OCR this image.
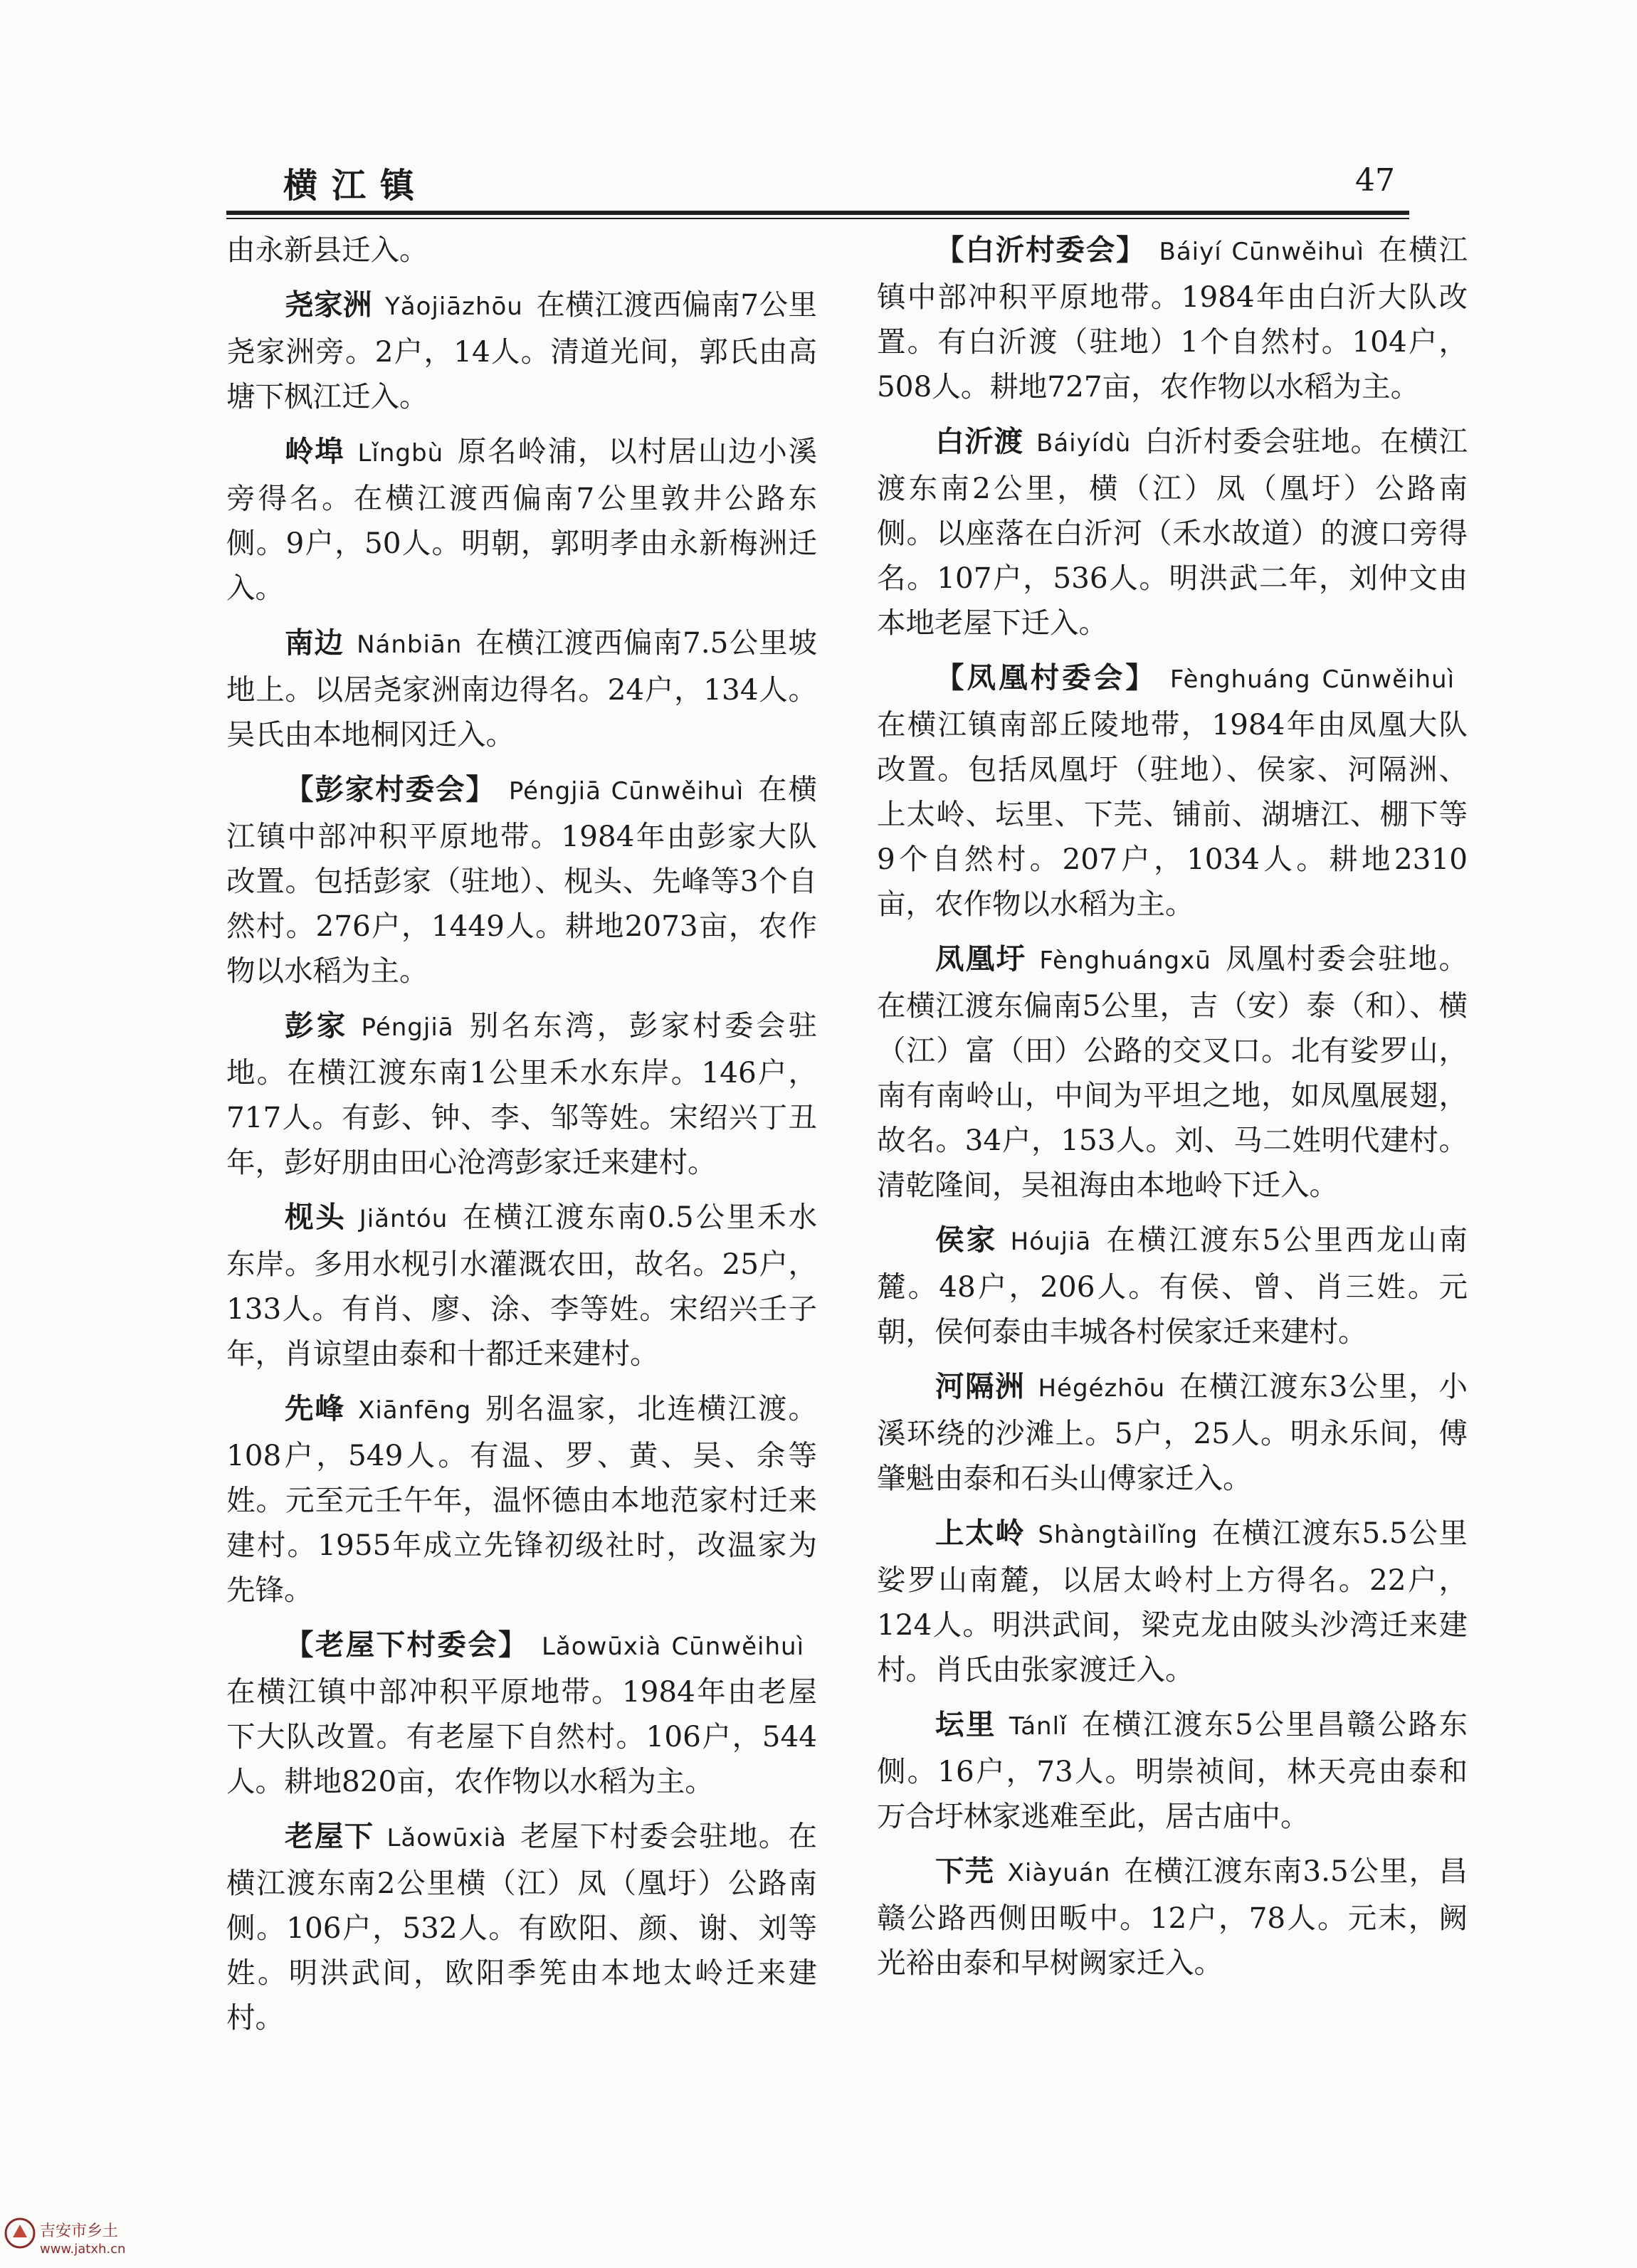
横江镇	47

由永新县迁入。

尧家洲 Yǎojiāzhōu 在横江渡西偏南7公里尧家洲旁。2户，14人。清道光间，郭氏由高塘下枫江迁入。

岭埠 Lǐngbù 原名岭浦，以村居山边小溪旁得名。在横江渡西偏南7公里敦井公路东侧。9户，50人。明朝，郭明孝由永新梅洲迁入。

南边 Nánbiān 在横江渡西偏南7.5公里坡地上。以居尧家洲南边得名。24户，134人。吴氏由本地桐冈迁入。

【彭家村委会】 Péngjiā Cūnwěihuì 在横江镇中部冲积平原地带。1984年由彭家大队改置。包括彭家（驻地）、枧头、先峰等3个自然村。276户，1449人。耕地2073亩，农作物以水稻为主。

彭家 Péngjiā 别名东湾，彭家村委会驻地。在横江渡东南1公里禾水东岸。146户，717人。有彭、钟、李、邹等姓。宋绍兴丁丑年，彭好朋由田心沧湾彭家迁来建村。

枧头 Jiǎntóu 在横江渡东南0.5公里禾水东岸。多用水枧引水灌溉农田，故名。25户，133人。有肖、廖、涂、李等姓。宋绍兴壬子年，肖谅望由泰和十都迁来建村。

先峰 Xiānfēng 别名温家，北连横江渡。108户，549人。有温、罗、黄、吴、余等姓。元至元壬午年，温怀德由本地范家村迁来建村。1955年成立先锋初级社时，改温家为先锋。

【老屋下村委会】 Lǎowūxià Cūnwěihuì在横江镇中部冲积平原地带。1984年由老屋下大队改置。有老屋下自然村。106户，544人。耕地820亩，农作物以水稻为主。

老屋下 Lǎowūxià 老屋下村委会驻地。在横江渡东南2公里横（江）凤（凰圩）公路南侧。106户，532人。有欧阳、颜、谢、刘等姓。明洪武间，欧阳季筅由本地太岭迁来建村。

【白沂村委会】 Báiyí Cūnwěihuì 在横江镇中部冲积平原地带。1984年由白沂大队改置。有白沂渡（驻地）1个自然村。104户，508人。耕地727亩，农作物以水稻为主。

白沂渡 Báiyídù 白沂村委会驻地。在横江渡东南2公里，横（江）凤（凰圩）公路南侧。以座落在白沂河（禾水故道）的渡口旁得名。107户，536人。明洪武二年，刘仲文由本地老屋下迁入。

【凤凰村委会】 Fènghuáng Cūnwěihuì在横江镇南部丘陵地带，1984年由凤凰大队改置。包括凤凰圩（驻地）、侯家、河隔洲、上太岭、坛里、下芫、铺前、湖塘江、棚下等9个自然村。207户，1034人。耕地2310亩，农作物以水稻为主。

凤凰圩 Fènghuángxū 凤凰村委会驻地。在横江渡东偏南5公里，吉（安）泰（和）、横（江）富（田）公路的交叉口。北有娑罗山，南有南岭山，中间为平坦之地，如凤凰展翅，故名。34户，153人。刘、马二姓明代建村。清乾隆间，吴祖海由本地岭下迁入。

侯家 Hóujiā 在横江渡东5公里西龙山南麓。48户，206人。有侯、曾、肖三姓。元朝，侯何泰由丰城各村侯家迁来建村。

河隔洲 Hégézhōu 在横江渡东3公里，小溪环绕的沙滩上。5户，25人。明永乐间，傅肇魁由泰和石头山傅家迁入。

上太岭 Shàngtàilǐng 在横江渡东5.5公里娑罗山南麓，以居太岭村上方得名。22户，124人。明洪武间，梁克龙由陂头沙湾迁来建村。肖氏由张家渡迁入。

坛里 Tánlǐ 在横江渡东5公里昌赣公路东侧。16户，73人。明崇祯间，林天亮由泰和万合圩林家逃难至此，居古庙中。

下芫 Xiàyuán 在横江渡东南3.5公里，昌赣公路西侧田畈中。12户，78人。元末，阙光裕由泰和早树阙家迁入。

吉安市乡土
www.jatxh.cn
